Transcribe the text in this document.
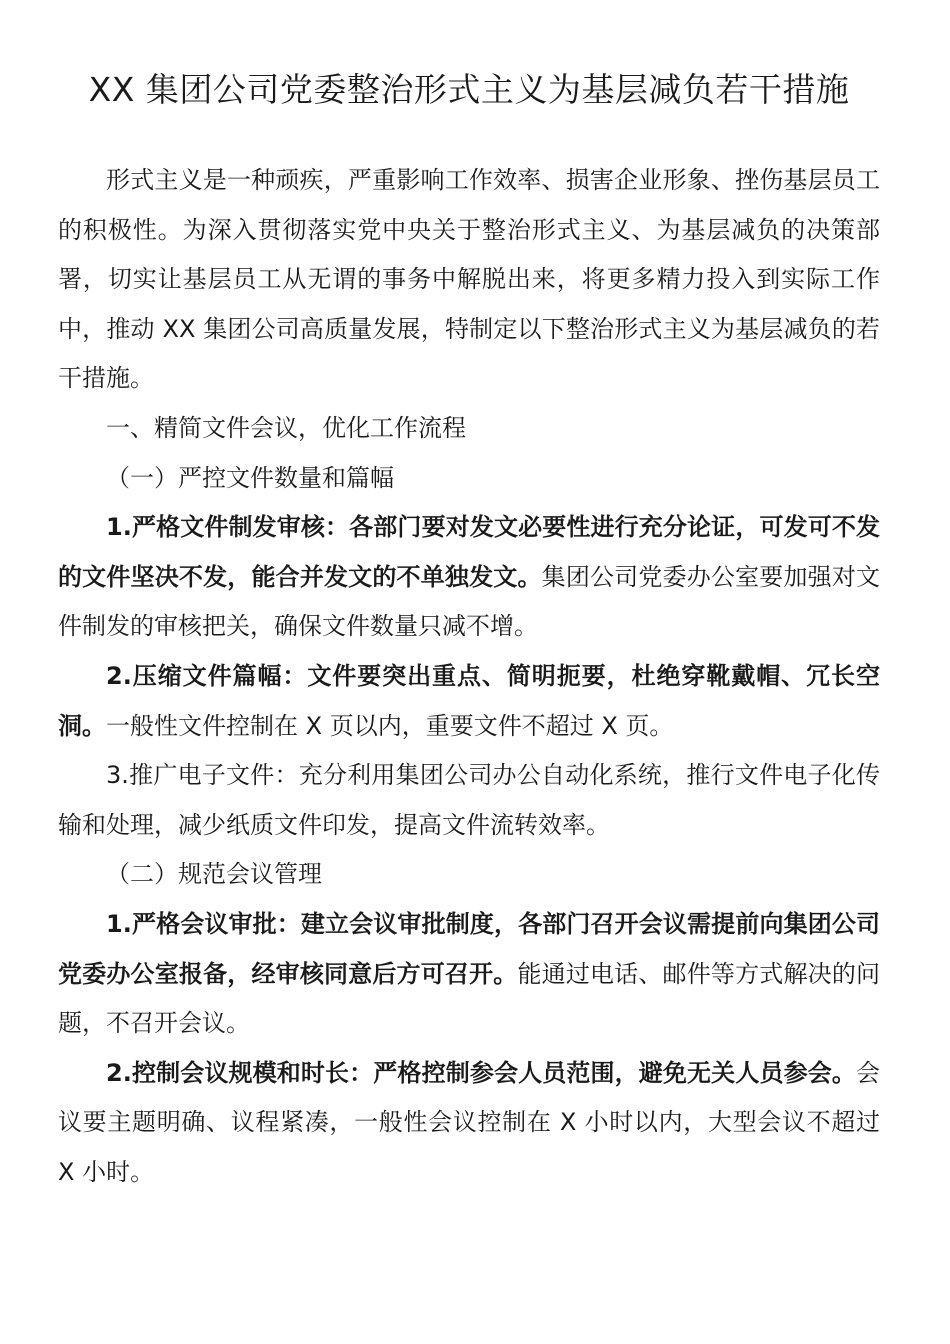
XX 集团公司党委整治形式主义为基层减负若干措施

形式主义是一种顽疾，严重影响工作效率、损害企业形象、挫伤基层员工的积极性。为深入贯彻落实党中央关于整治形式主义、为基层减负的决策部署，切实让基层员工从无谓的事务中解脱出来，将更多精力投入到实际工作中，推动 XX 集团公司高质量发展，特制定以下整治形式主义为基层减负的若干措施。

一、精简文件会议，优化工作流程

（一）严控文件数量和篇幅

1.严格文件制发审核：各部门要对发文必要性进行充分论证，可发可不发的文件坚决不发，能合并发文的不单独发文。集团公司党委办公室要加强对文件制发的审核把关，确保文件数量只减不增。

2.压缩文件篇幅：文件要突出重点、简明扼要，杜绝穿靴戴帽、冗长空洞。一般性文件控制在 X 页以内，重要文件不超过 X 页。

3.推广电子文件：充分利用集团公司办公自动化系统，推行文件电子化传输和处理，减少纸质文件印发，提高文件流转效率。

（二）规范会议管理

1.严格会议审批：建立会议审批制度，各部门召开会议需提前向集团公司党委办公室报备，经审核同意后方可召开。能通过电话、邮件等方式解决的问题，不召开会议。

2.控制会议规模和时长：严格控制参会人员范围，避免无关人员参会。会议要主题明确、议程紧凑，一般性会议控制在 X 小时以内，大型会议不超过 X 小时。
